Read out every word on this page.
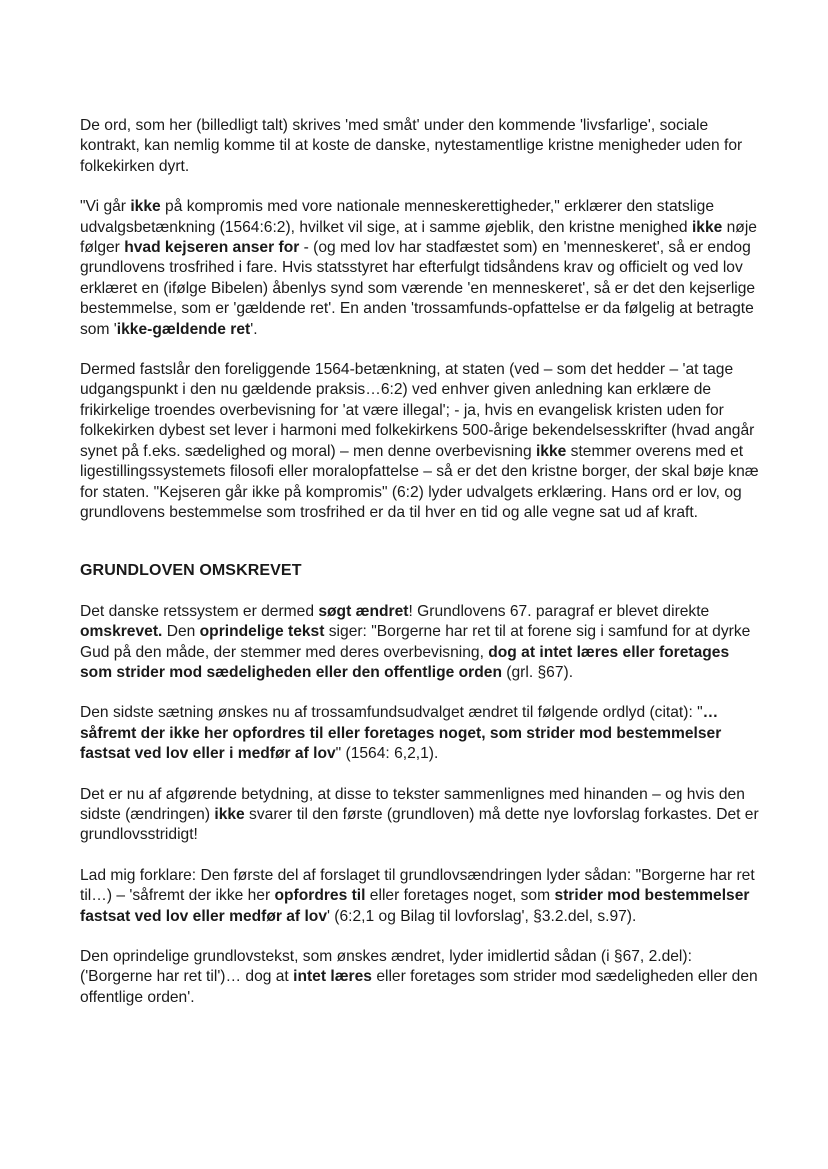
De ord, som her (billedligt talt) skrives 'med småt' under den kommende 'livsfarlige', sociale kontrakt, kan nemlig komme til at koste de danske, nytestamentlige kristne menigheder uden for folkekirken dyrt.

"Vi går ikke på kompromis med vore nationale menneskerettigheder," erklærer den statslige udvalgsbetænkning (1564:6:2), hvilket vil sige, at i samme øjeblik, den kristne menighed ikke nøje følger hvad kejseren anser for - (og med lov har stadfæstet som) en 'menneskeret', så er endog grundlovens trosfrihed i fare. Hvis statsstyret har efterfulgt tidsåndens krav og officielt og ved lov erklæret en (ifølge Bibelen) åbenlys synd som værende 'en menneskeret', så er det den kejserlige bestemmelse, som er 'gældende ret'. En anden 'trossamfunds-opfattelse er da følgelig at betragte som 'ikke-gældende ret'.

Dermed fastslår den foreliggende 1564-betænkning, at staten (ved – som det hedder – 'at tage udgangspunkt i den nu gældende praksis…6:2) ved enhver given anledning kan erklære de frikirkelige troendes overbevisning for 'at være illegal'; - ja, hvis en evangelisk kristen uden for folkekirken dybest set lever i harmoni med folkekirkens 500-årige bekendelsesskrifter (hvad angår synet på f.eks. sædelighed og moral) – men denne overbevisning ikke stemmer overens med et ligestillingssystemets filosofi eller moralopfattelse – så er det den kristne borger, der skal bøje knæ for staten. "Kejseren går ikke på kompromis" (6:2) lyder udvalgets erklæring. Hans ord er lov, og grundlovens bestemmelse som trosfrihed er da til hver en tid og alle vegne sat ud af kraft.

GRUNDLOVEN OMSKREVET

Det danske retssystem er dermed søgt ændret! Grundlovens 67. paragraf er blevet direkte omskrevet. Den oprindelige tekst siger: "Borgerne har ret til at forene sig i samfund for at dyrke Gud på den måde, der stemmer med deres overbevisning, dog at intet læres eller foretages som strider mod sædeligheden eller den offentlige orden (grl. §67).

Den sidste sætning ønskes nu af trossamfundsudvalget ændret til følgende ordlyd (citat): "…såfremt der ikke her opfordres til eller foretages noget, som strider mod bestemmelser fastsat ved lov eller i medfør af lov" (1564: 6,2,1).

Det er nu af afgørende betydning, at disse to tekster sammenlignes med hinanden – og hvis den sidste (ændringen) ikke svarer til den første (grundloven) må dette nye lovforslag forkastes. Det er grundlovsstridigt!

Lad mig forklare: Den første del af forslaget til grundlovsændringen lyder sådan: "Borgerne har ret til…) – 'såfremt der ikke her opfordres til eller foretages noget, som strider mod bestemmelser fastsat ved lov eller medfør af lov' (6:2,1 og Bilag til lovforslag', §3.2.del, s.97).

Den oprindelige grundlovstekst, som ønskes ændret, lyder imidlertid sådan (i §67, 2.del): ('Borgerne har ret til')… dog at intet læres eller foretages som strider mod sædeligheden eller den offentlige orden'.
